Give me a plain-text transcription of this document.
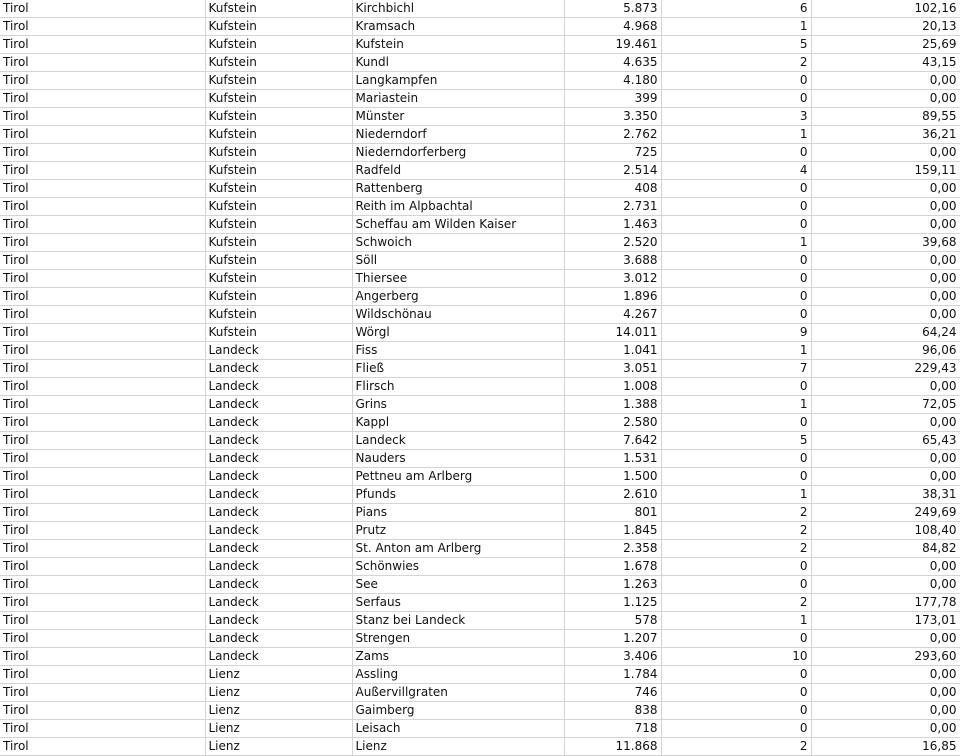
Tirol	Kufstein	Kirchbichl	5.873	6	102,16
Tirol	Kufstein	Kramsach	4.968	1	20,13
Tirol	Kufstein	Kufstein	19.461	5	25,69
Tirol	Kufstein	Kundl	4.635	2	43,15
Tirol	Kufstein	Langkampfen	4.180	0	0,00
Tirol	Kufstein	Mariastein	399	0	0,00
Tirol	Kufstein	Münster	3.350	3	89,55
Tirol	Kufstein	Niederndorf	2.762	1	36,21
Tirol	Kufstein	Niederndorferberg	725	0	0,00
Tirol	Kufstein	Radfeld	2.514	4	159,11
Tirol	Kufstein	Rattenberg	408	0	0,00
Tirol	Kufstein	Reith im Alpbachtal	2.731	0	0,00
Tirol	Kufstein	Scheffau am Wilden Kaiser	1.463	0	0,00
Tirol	Kufstein	Schwoich	2.520	1	39,68
Tirol	Kufstein	Söll	3.688	0	0,00
Tirol	Kufstein	Thiersee	3.012	0	0,00
Tirol	Kufstein	Angerberg	1.896	0	0,00
Tirol	Kufstein	Wildschönau	4.267	0	0,00
Tirol	Kufstein	Wörgl	14.011	9	64,24
Tirol	Landeck	Fiss	1.041	1	96,06
Tirol	Landeck	Fließ	3.051	7	229,43
Tirol	Landeck	Flirsch	1.008	0	0,00
Tirol	Landeck	Grins	1.388	1	72,05
Tirol	Landeck	Kappl	2.580	0	0,00
Tirol	Landeck	Landeck	7.642	5	65,43
Tirol	Landeck	Nauders	1.531	0	0,00
Tirol	Landeck	Pettneu am Arlberg	1.500	0	0,00
Tirol	Landeck	Pfunds	2.610	1	38,31
Tirol	Landeck	Pians	801	2	249,69
Tirol	Landeck	Prutz	1.845	2	108,40
Tirol	Landeck	St. Anton am Arlberg	2.358	2	84,82
Tirol	Landeck	Schönwies	1.678	0	0,00
Tirol	Landeck	See	1.263	0	0,00
Tirol	Landeck	Serfaus	1.125	2	177,78
Tirol	Landeck	Stanz bei Landeck	578	1	173,01
Tirol	Landeck	Strengen	1.207	0	0,00
Tirol	Landeck	Zams	3.406	10	293,60
Tirol	Lienz	Assling	1.784	0	0,00
Tirol	Lienz	Außervillgraten	746	0	0,00
Tirol	Lienz	Gaimberg	838	0	0,00
Tirol	Lienz	Leisach	718	0	0,00
Tirol	Lienz	Lienz	11.868	2	16,85
